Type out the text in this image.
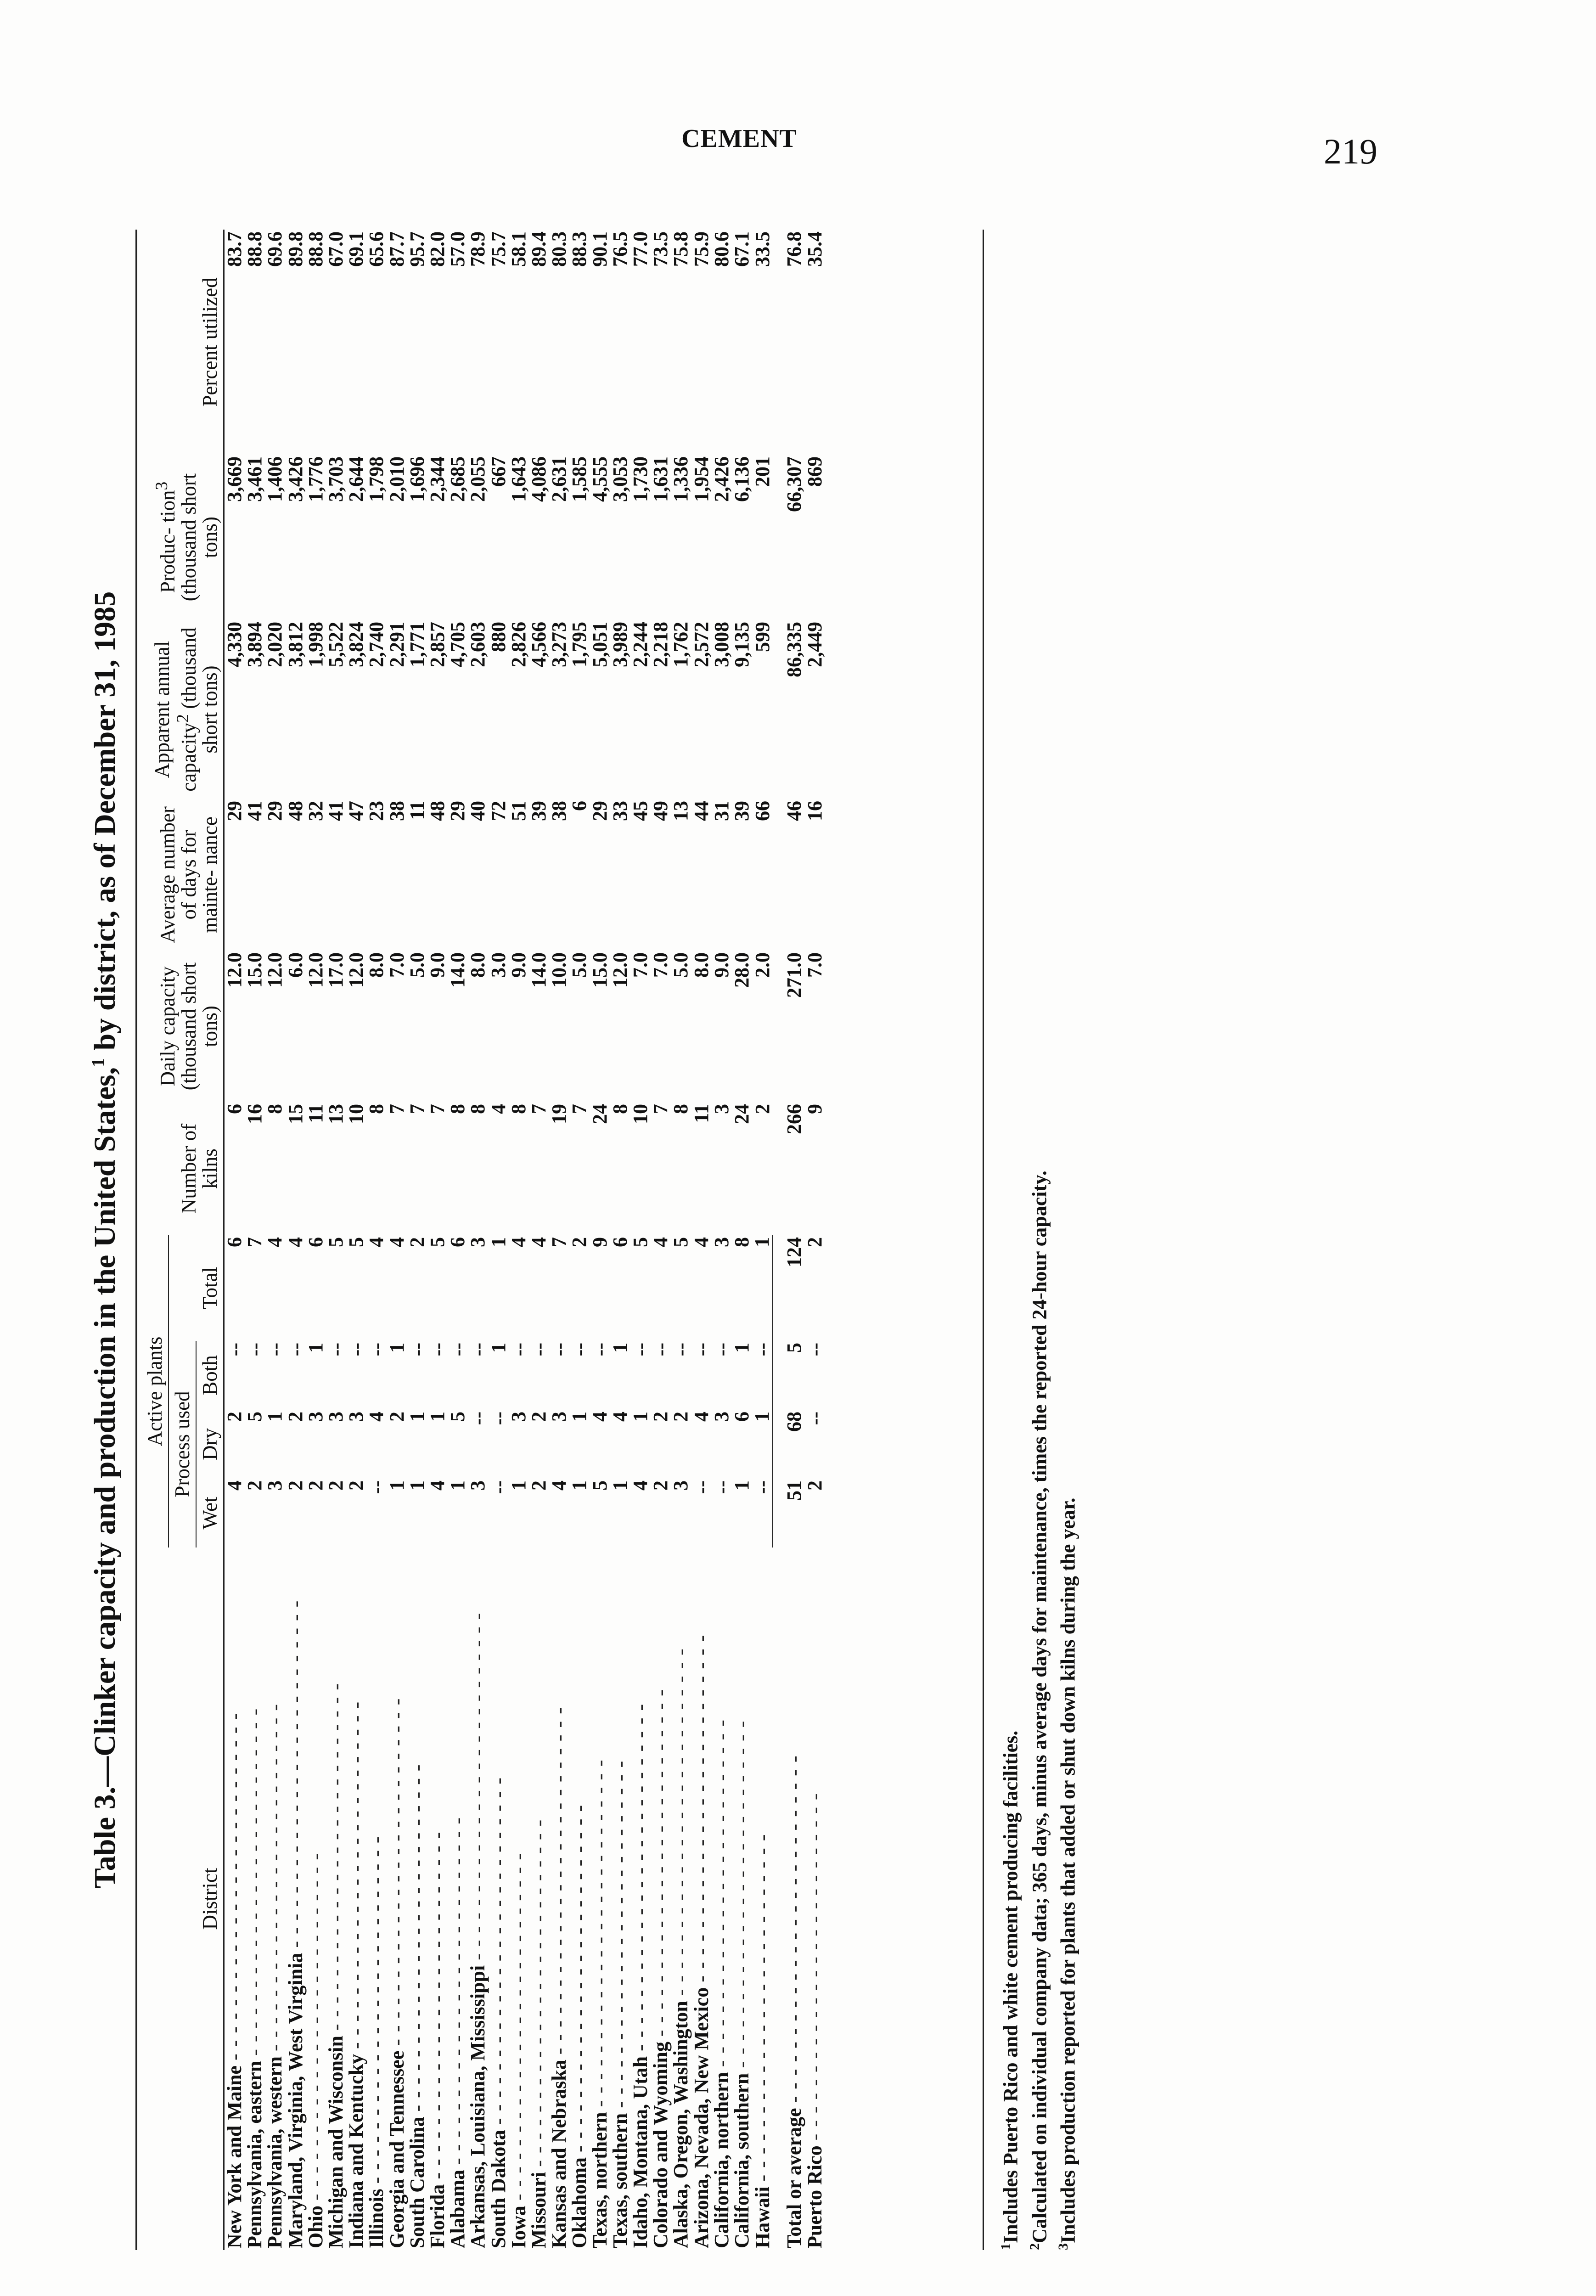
CEMENT	219
Table 3.—Clinker capacity and production in the United States,$^1$ by district, as of December 31, 1985
District	Active plants				Number of kilns	Daily capacity (thousand short tons)	Average number of days for mainte- nance	Apparent annual capacity$^2$ (thousand short tons)	Produc- tion$^3$ (thousand short tons)	Percent utilized
	Process used			Total						
	Wet	Dry	Both							
New York and Maine - - - - - - - - - - - - - - - - - - - - - - - - - -	4	2	--	6	6	12.0	29	4,330	3,669	83.7
Pennsylvania, eastern - - - - - - - - - - - - - - - - - - - - - - - - - -	2	5	--	7	16	15.0	41	3,894	3,461	88.8
Pennsylvania, western - - - - - - - - - - - - - - - - - - - - - - - - - -	3	1	--	4	8	12.0	29	2,020	1,406	69.6
Maryland, Virginia, West Virginia - - - - - - - - - - - - - - - - - - - - - - - - - -	2	2	--	4	15	6.0	48	3,812	3,426	89.8
Ohio - - - - - - - - - - - - - - - - - - - - - - - - - -	2	3	1	6	11	12.0	32	1,998	1,776	88.8
Michigan and Wisconsin - - - - - - - - - - - - - - - - - - - - - - - - - -	2	3	--	5	13	17.0	41	5,522	3,703	67.0
Indiana and Kentucky - - - - - - - - - - - - - - - - - - - - - - - - - -	2	3	--	5	10	12.0	47	3,824	2,644	69.1
Illinois - - - - - - - - - - - - - - - - - - - - - - - - - -	--	4	--	4	8	8.0	23	2,740	1,798	65.6
Georgia and Tennessee - - - - - - - - - - - - - - - - - - - - - - - - - -	1	2	1	4	7	7.0	38	2,291	2,010	87.7
South Carolina - - - - - - - - - - - - - - - - - - - - - - - - - -	1	1	--	2	7	5.0	11	1,771	1,696	95.7
Florida - - - - - - - - - - - - - - - - - - - - - - - - - -	4	1	--	5	7	9.0	48	2,857	2,344	82.0
Alabama - - - - - - - - - - - - - - - - - - - - - - - - - -	1	5	--	6	8	14.0	29	4,705	2,685	57.0
Arkansas, Louisiana, Mississippi - - - - - - - - - - - - - - - - - - - - - - - - - -	3	--	--	3	8	8.0	40	2,603	2,055	78.9
South Dakota - - - - - - - - - - - - - - - - - - - - - - - - - -	--	--	1	1	4	3.0	72	880	667	75.7
Iowa - - - - - - - - - - - - - - - - - - - - - - - - - -	1	3	--	4	8	9.0	51	2,826	1,643	58.1
Missouri - - - - - - - - - - - - - - - - - - - - - - - - - -	2	2	--	4	7	14.0	39	4,566	4,086	89.4
Kansas and Nebraska - - - - - - - - - - - - - - - - - - - - - - - - - -	4	3	--	7	19	10.0	38	3,273	2,631	80.3
Oklahoma - - - - - - - - - - - - - - - - - - - - - - - - - -	1	1	--	2	7	5.0	6	1,795	1,585	88.3
Texas, northern - - - - - - - - - - - - - - - - - - - - - - - - - -	5	4	--	9	24	15.0	29	5,051	4,555	90.1
Texas, southern - - - - - - - - - - - - - - - - - - - - - - - - - -	1	4	1	6	8	12.0	33	3,989	3,053	76.5
Idaho, Montana, Utah - - - - - - - - - - - - - - - - - - - - - - - - - -	4	1	--	5	10	7.0	45	2,244	1,730	77.0
Colorado and Wyoming - - - - - - - - - - - - - - - - - - - - - - - - - -	2	2	--	4	7	7.0	49	2,218	1,631	73.5
Alaska, Oregon, Washington - - - - - - - - - - - - - - - - - - - - - - - - - -	3	2	--	5	8	5.0	13	1,762	1,336	75.8
Arizona, Nevada, New Mexico - - - - - - - - - - - - - - - - - - - - - - - - - -	--	4	--	4	11	8.0	44	2,572	1,954	75.9
California, northern - - - - - - - - - - - - - - - - - - - - - - - - - -	--	3	--	3	3	9.0	31	3,008	2,426	80.6
California, southern - - - - - - - - - - - - - - - - - - - - - - - - - -	1	6	1	8	24	28.0	39	9,135	6,136	67.1
Hawaii - - - - - - - - - - - - - - - - - - - - - - - - - -	--	1	--	1	2	2.0	66	599	201	33.5

Total or average - - - - - - - - - - - - - - - - - - - - - - - - - -	51	68	5	124	266	271.0	46	86,335	66,307	76.8
Puerto Rico - - - - - - - - - - - - - - - - - - - - - - - - - -	2	--	--	2	9	7.0	16	2,449	869	35.4
$^1$Includes Puerto Rico and white cement producing facilities.
$^2$Calculated on individual company data; 365 days, minus average days for maintenance, times the reported 24-hour capacity.
$^3$Includes production reported for plants that added or shut down kilns during the year.
